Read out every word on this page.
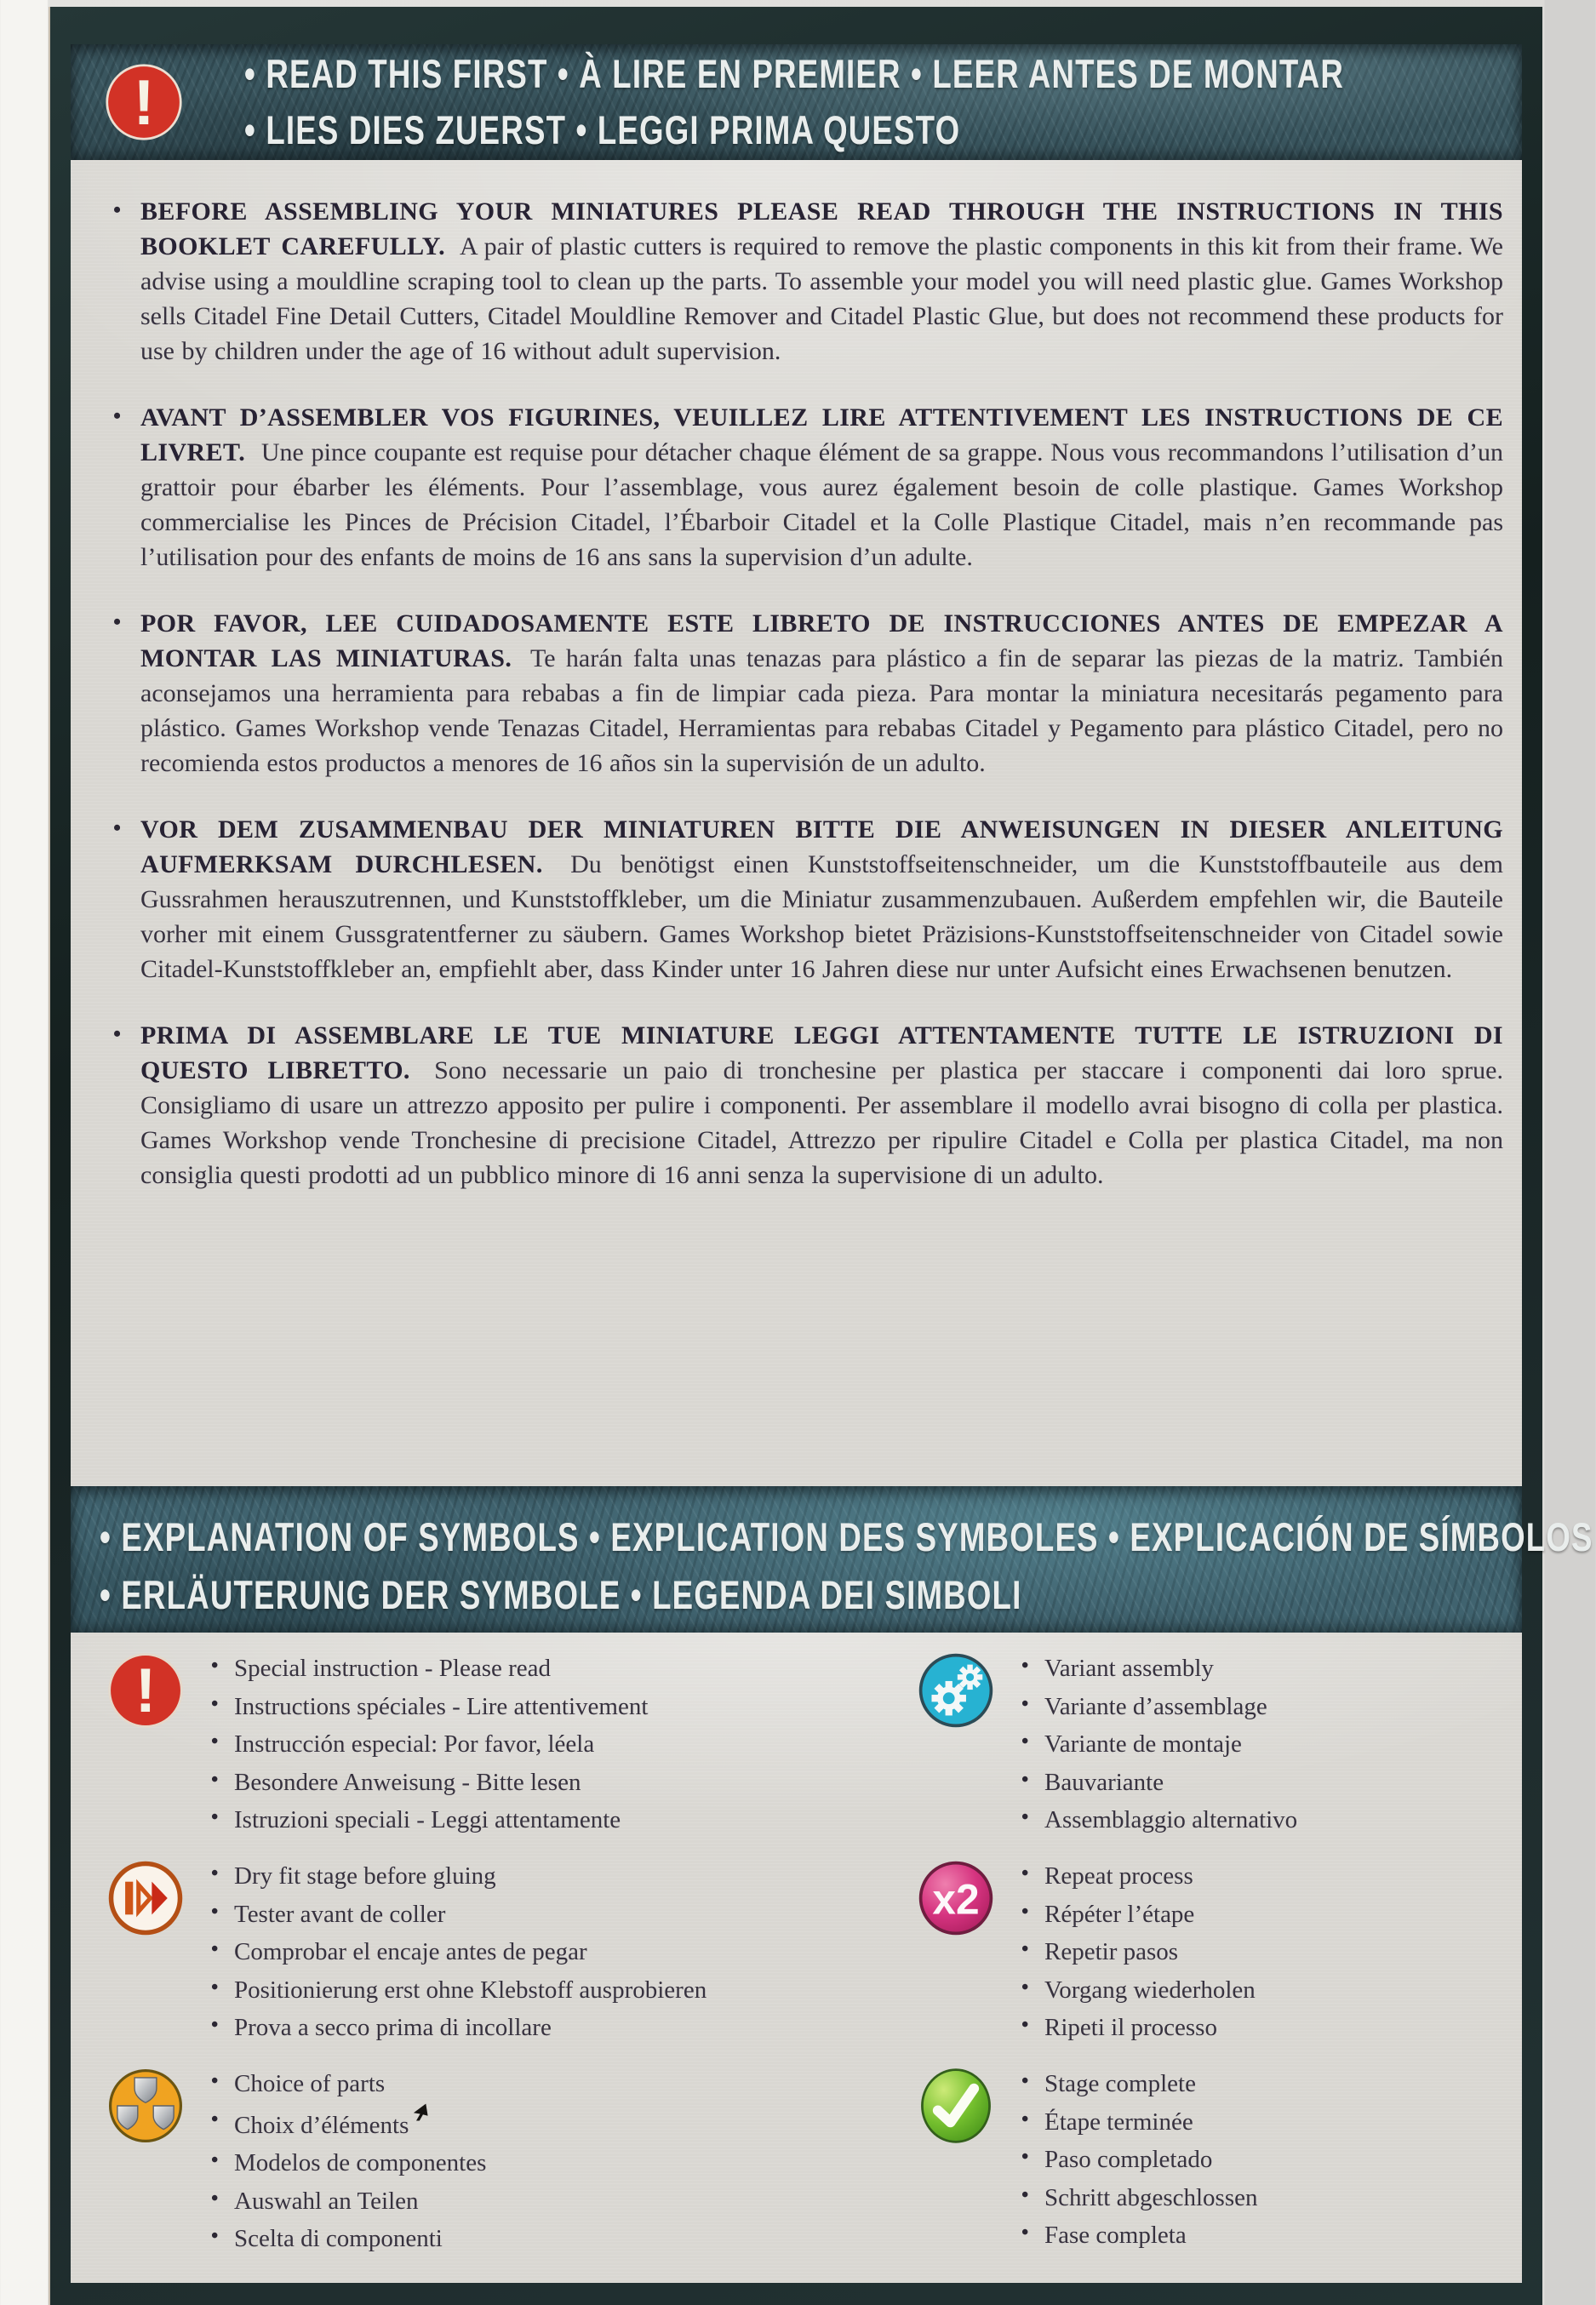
! • READ THIS FIRST • À LIRE EN PREMIER • LEER ANTES DE MONTAR
• LIES DIES ZUERST • LEGGI PRIMA QUESTO

• BEFORE ASSEMBLING YOUR MINIATURES PLEASE READ THROUGH THE INSTRUCTIONS IN THIS BOOKLET CAREFULLY. A pair of plastic cutters is required to remove the plastic components in this kit from their frame. We advise using a mouldline scraping tool to clean up the parts. To assemble your model you will need plastic glue. Games Workshop sells Citadel Fine Detail Cutters, Citadel Mouldline Remover and Citadel Plastic Glue, but does not recommend these products for use by children under the age of 16 without adult supervision.

• AVANT D’ASSEMBLER VOS FIGURINES, VEUILLEZ LIRE ATTENTIVEMENT LES INSTRUCTIONS DE CE LIVRET. Une pince coupante est requise pour détacher chaque élément de sa grappe. Nous vous recommandons l’utilisation d’un grattoir pour ébarber les éléments. Pour l’assemblage, vous aurez également besoin de colle plastique. Games Workshop commercialise les Pinces de Précision Citadel, l’Ébarboir Citadel et la Colle Plastique Citadel, mais n’en recommande pas l’utilisation pour des enfants de moins de 16 ans sans la supervision d’un adulte.

• POR FAVOR, LEE CUIDADOSAMENTE ESTE LIBRETO DE INSTRUCCIONES ANTES DE EMPEZAR A MONTAR LAS MINIATURAS. Te harán falta unas tenazas para plástico a fin de separar las piezas de la matriz. También aconsejamos una herramienta para rebabas a fin de limpiar cada pieza. Para montar la miniatura necesitarás pegamento para plástico. Games Workshop vende Tenazas Citadel, Herramientas para rebabas Citadel y Pegamento para plástico Citadel, pero no recomienda estos productos a menores de 16 años sin la supervisión de un adulto.

• VOR DEM ZUSAMMENBAU DER MINIATUREN BITTE DIE ANWEISUNGEN IN DIESER ANLEITUNG AUFMERKSAM DURCHLESEN. Du benötigst einen Kunststoffseitenschneider, um die Kunststoffbauteile aus dem Gussrahmen herauszutrennen, und Kunststoffkleber, um die Miniatur zusammenzubauen. Außerdem empfehlen wir, die Bauteile vorher mit einem Gussgratentferner zu säubern. Games Workshop bietet Präzisions-Kunststoffseitenschneider von Citadel sowie Citadel-Kunststoffkleber an, empfiehlt aber, dass Kinder unter 16 Jahren diese nur unter Aufsicht eines Erwachsenen benutzen.

• PRIMA DI ASSEMBLARE LE TUE MINIATURE LEGGI ATTENTAMENTE TUTTE LE ISTRUZIONI DI QUESTO LIBRETTO. Sono necessarie un paio di tronchesine per plastica per staccare i componenti dai loro sprue. Consigliamo di usare un attrezzo apposito per pulire i componenti. Per assemblare il modello avrai bisogno di colla per plastica. Games Workshop vende Tronchesine di precisione Citadel, Attrezzo per ripulire Citadel e Colla per plastica Citadel, ma non consiglia questi prodotti ad un pubblico minore di 16 anni senza la supervisione di un adulto.

• EXPLANATION OF SYMBOLS • EXPLICATION DES SYMBOLES • EXPLICACIÓN DE SÍMBOLOS
• ERLÄUTERUNG DER SYMBOLE • LEGENDA DEI SIMBOLI
!	• Special instruction - Please read
• Instructions spéciales - Lire attentivement
• Instrucción especial: Por favor, léela
• Besondere Anweisung - Bitte lesen
• Istruzioni speciali - Leggi attentamente
• Variant assembly
• Variante d’assemblage
• Variante de montaje
• Bauvariante
• Assemblaggio alternativo
• Dry fit stage before gluing
• Tester avant de coller
• Comprobar el encaje antes de pegar
• Positionierung erst ohne Klebstoff ausprobieren
• Prova a secco prima di incollare
x2
• Repeat process
• Répéter l’étape
• Repetir pasos
• Vorgang wiederholen
• Ripeti il processo
• Choice of parts
• Choix d’éléments
• Modelos de componentes
• Auswahl an Teilen
• Scelta di componenti
• Stage complete
• Étape terminée
• Paso completado
• Schritt abgeschlossen
• Fase completa
